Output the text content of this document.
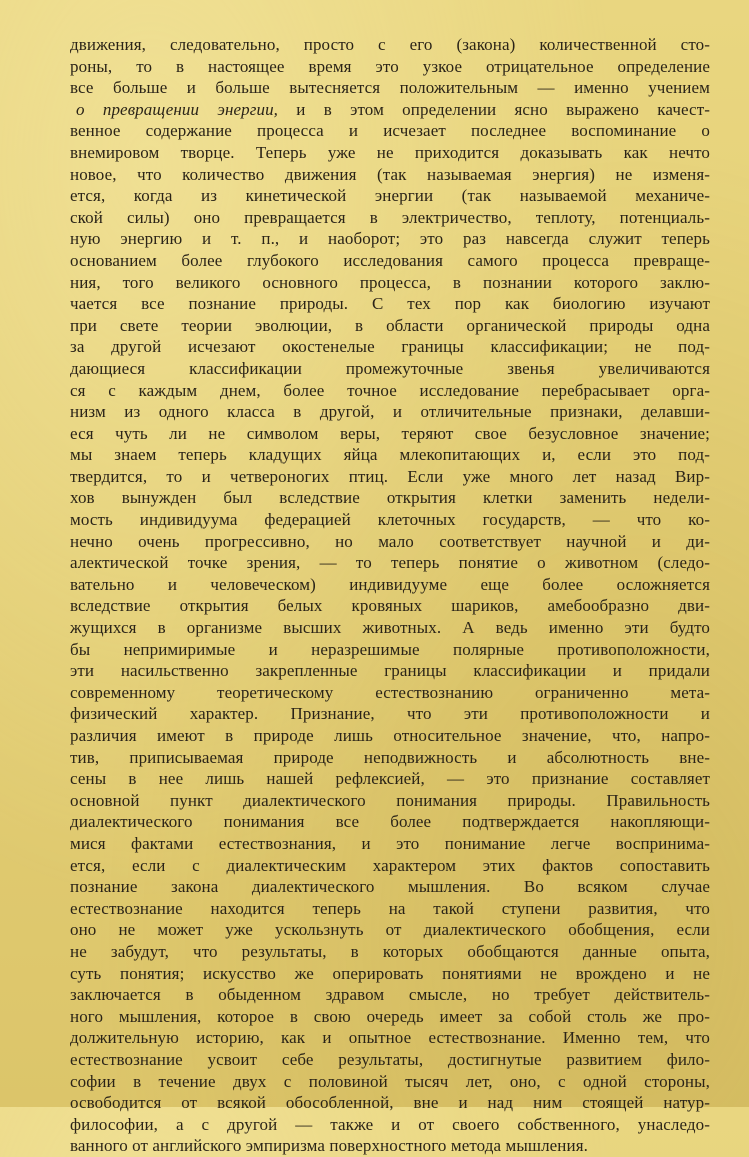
движения, следовательно, просто с его (закона) количественной сто-
роны, то в настоящее время это узкое отрицательное определение
все больше и больше вытесняется положительным — именно учением
о превращении энергии, и в этом определении ясно выражено качест-
венное содержание процесса и исчезает последнее воспоминание о
внемировом творце. Теперь уже не приходится доказывать как нечто
новое, что количество движения (так называемая энергия) не изменя-
ется, когда из кинетической энергии (так называемой механиче-
ской силы) оно превращается в электричество, теплоту, потенциаль-
ную энергию и т. п., и наоборот; это раз навсегда служит теперь
основанием более глубокого исследования самого процесса превраще-
ния, того великого основного процесса, в познании которого заклю-
чается все познание природы. С тех пор как биологию изучают
при свете теории эволюции, в области органической природы одна
за другой исчезают окостенелые границы классификации; не под-
дающиеся классификации промежуточные звенья увеличиваются
ся с каждым днем, более точное исследование перебрасывает орга-
низм из одного класса в другой, и отличительные признаки, делавши-
еся чуть ли не символом веры, теряют свое безусловное значение;
мы знаем теперь кладущих яйца млекопитающих и, если это под-
твердится, то и четвероногих птиц. Если уже много лет назад Вир-
хов вынужден был вследствие открытия клетки заменить недели-
мость индивидуума федерацией клеточных государств, — что ко-
нечно очень прогрессивно, но мало соответствует научной и ди-
алектической точке зрения, — то теперь понятие о животном (следо-
вательно и человеческом) индивидууме еще более осложняется
вследствие открытия белых кровяных шариков, амебообразно дви-
жущихся в организме высших животных. А ведь именно эти будто
бы непримиримые и неразрешимые полярные противоположности,
эти насильственно закрепленные границы классификации и придали
современному теоретическому естествознанию ограниченно мета-
физический характер. Признание, что эти противоположности и
различия имеют в природе лишь относительное значение, что, напро-
тив, приписываемая природе неподвижность и абсолютность вне-
сены в нее лишь нашей рефлексией, — это признание составляет
основной пункт диалектического понимания природы. Правильность
диалектического понимания все более подтверждается накопляющи-
мися фактами естествознания, и это понимание легче воспринима-
ется, если с диалектическим характером этих фактов сопоставить
познание закона диалектического мышления. Во всяком случае
естествознание находится теперь на такой ступени развития, что
оно не может уже ускользнуть от диалектического обобщения, если
не забудут, что результаты, в которых обобщаются данные опыта,
суть понятия; искусство же оперировать понятиями не врождено и не
заключается в обыденном здравом смысле, но требует действитель-
ного мышления, которое в свою очередь имеет за собой столь же про-
должительную историю, как и опытное естествознание. Именно тем, что
естествознание усвоит себе результаты, достигнутые развитием фило-
софии в течение двух с половиной тысяч лет, оно, с одной стороны,
освободится от всякой обособленной, вне и над ним стоящей натур-
философии, а с другой — также и от своего собственного, унаследо-
ванного от английского эмпиризма поверхностного метода мышления.
